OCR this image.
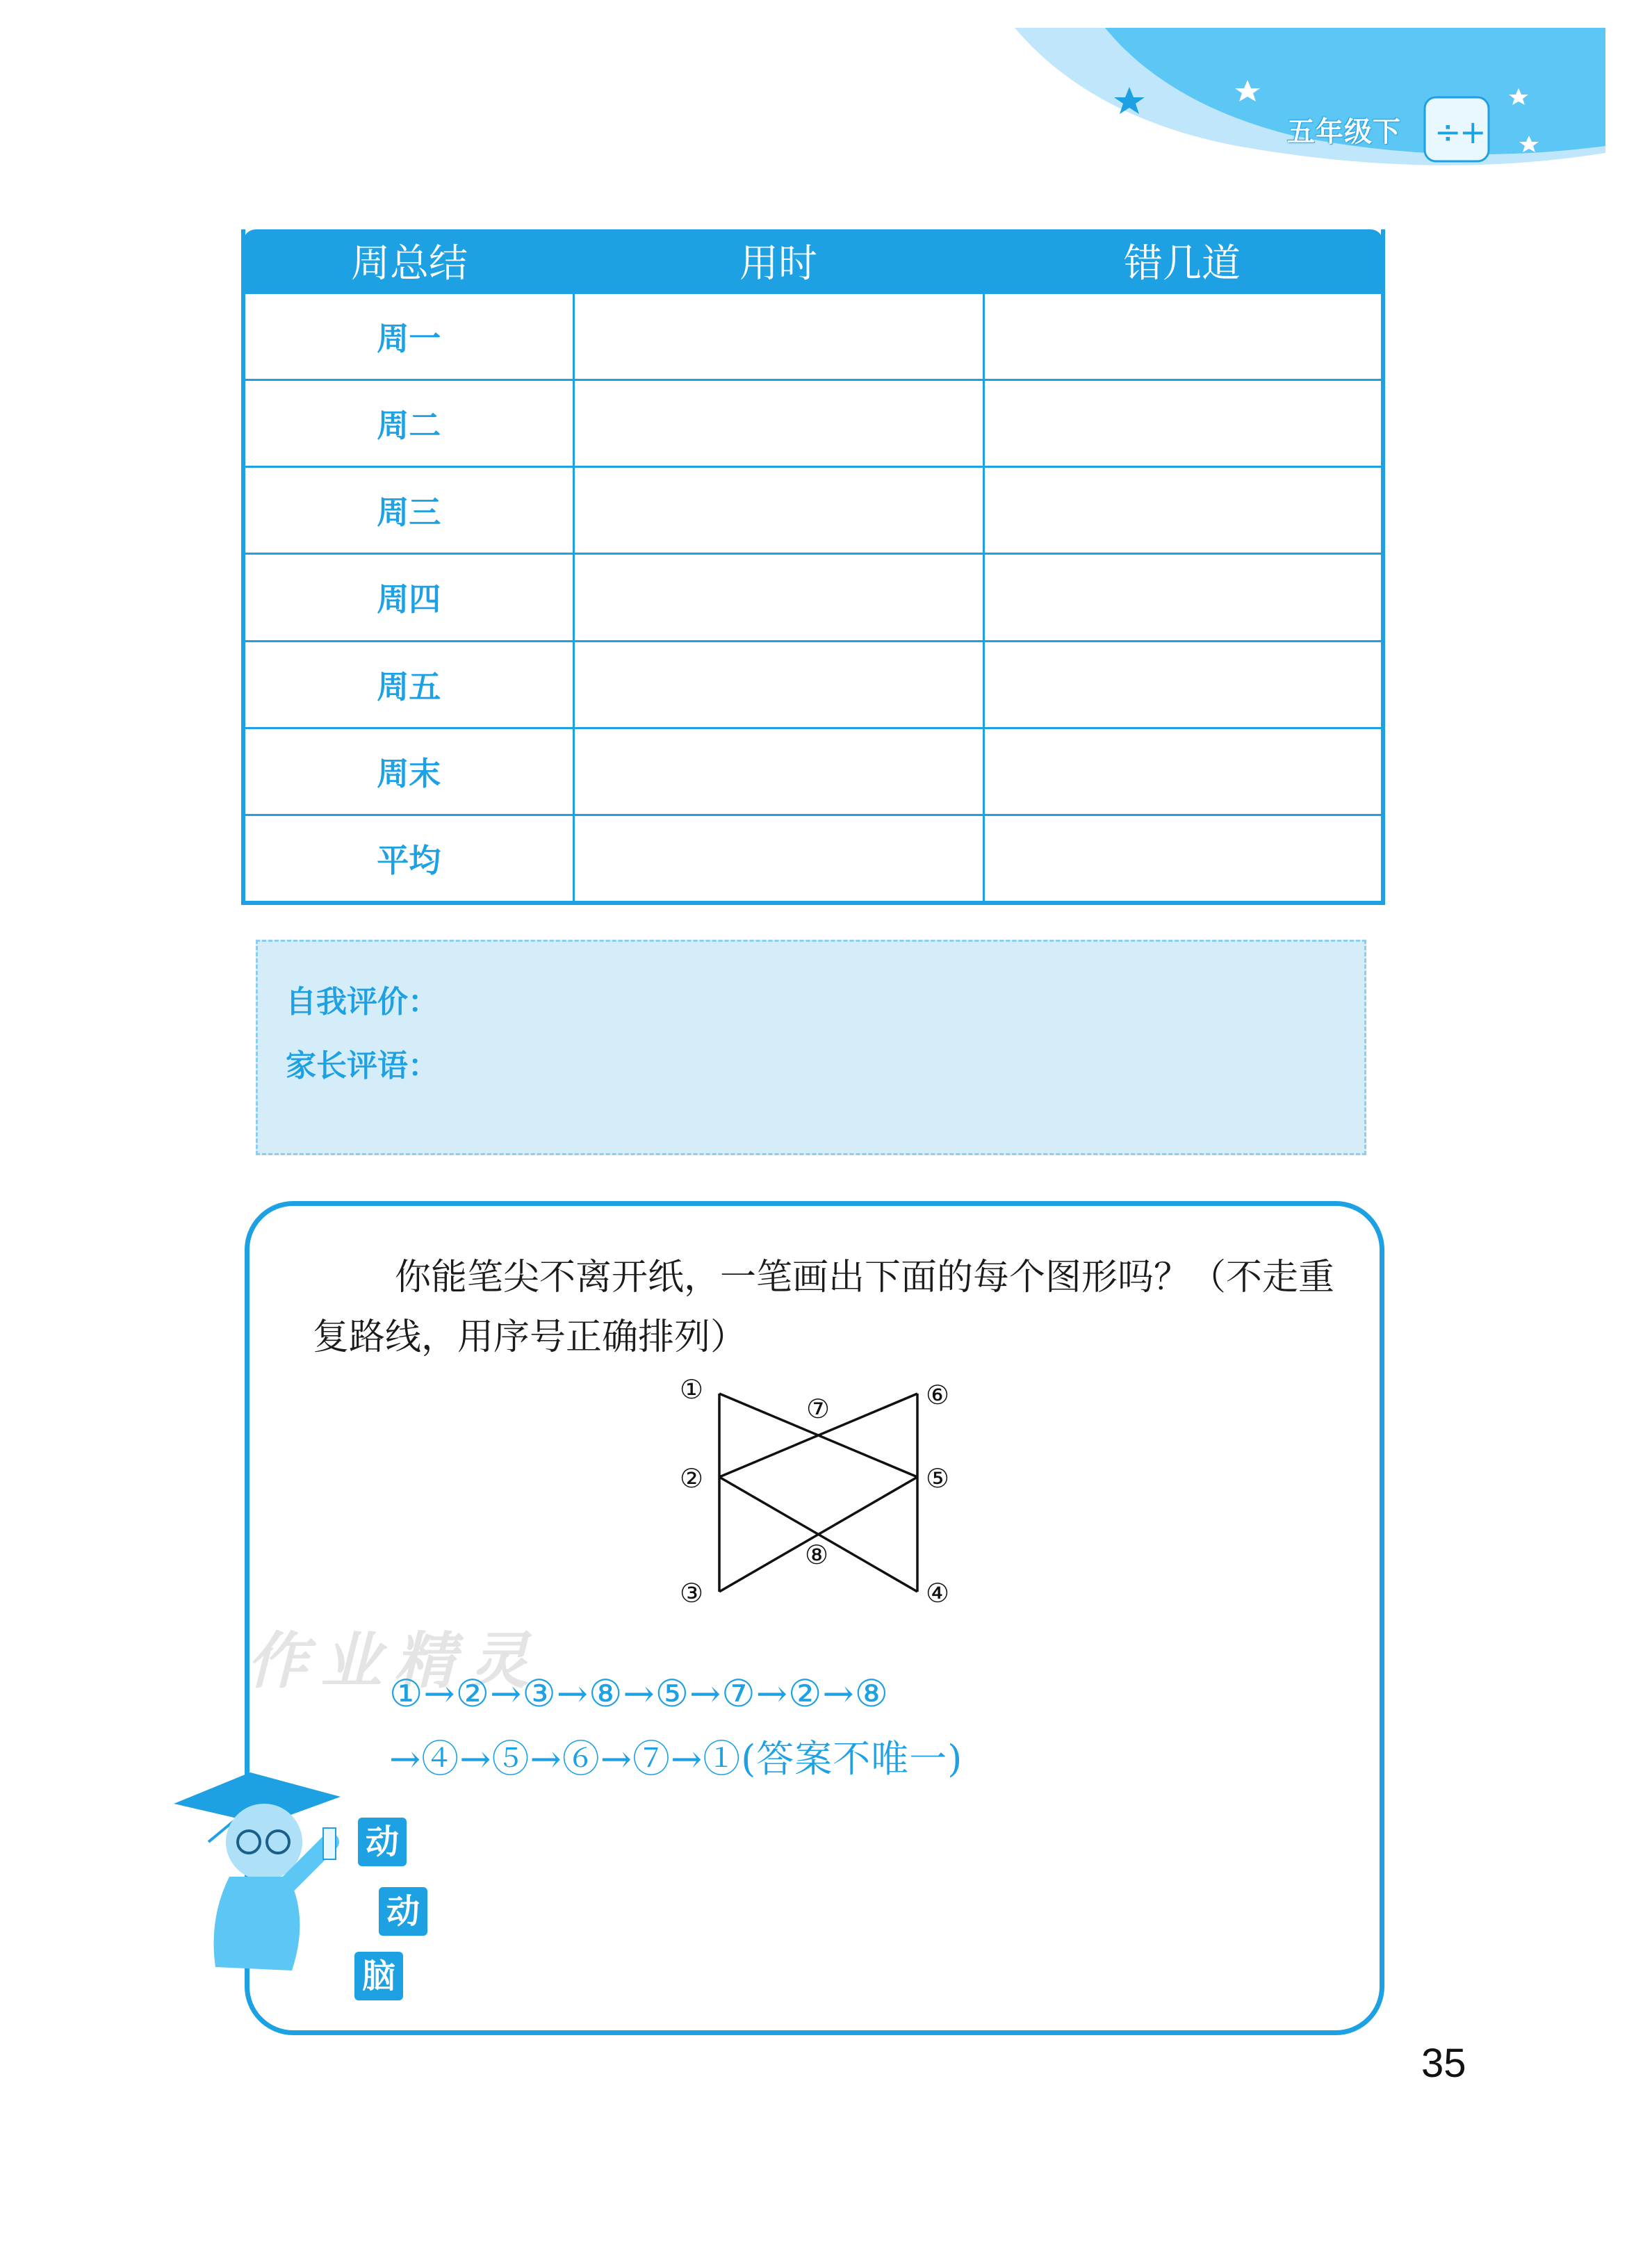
÷
+
五年级下
周总结	用时	错几道
周一		
周二		
周三		
周四		
周五		
周末		
平均		
自我评价：
家长评语：
你能笔尖不离开纸，一笔画出下面的每个图形吗？（不走重复路线，用序号正确排列）
①
②
③	④
⑤
⑥
⑦
⑧
作业精灵
①→②→③→⑧→⑤→⑦→②→⑧
→④→⑤→⑥→⑦→①(答案不唯一)
动
动
脑
35
